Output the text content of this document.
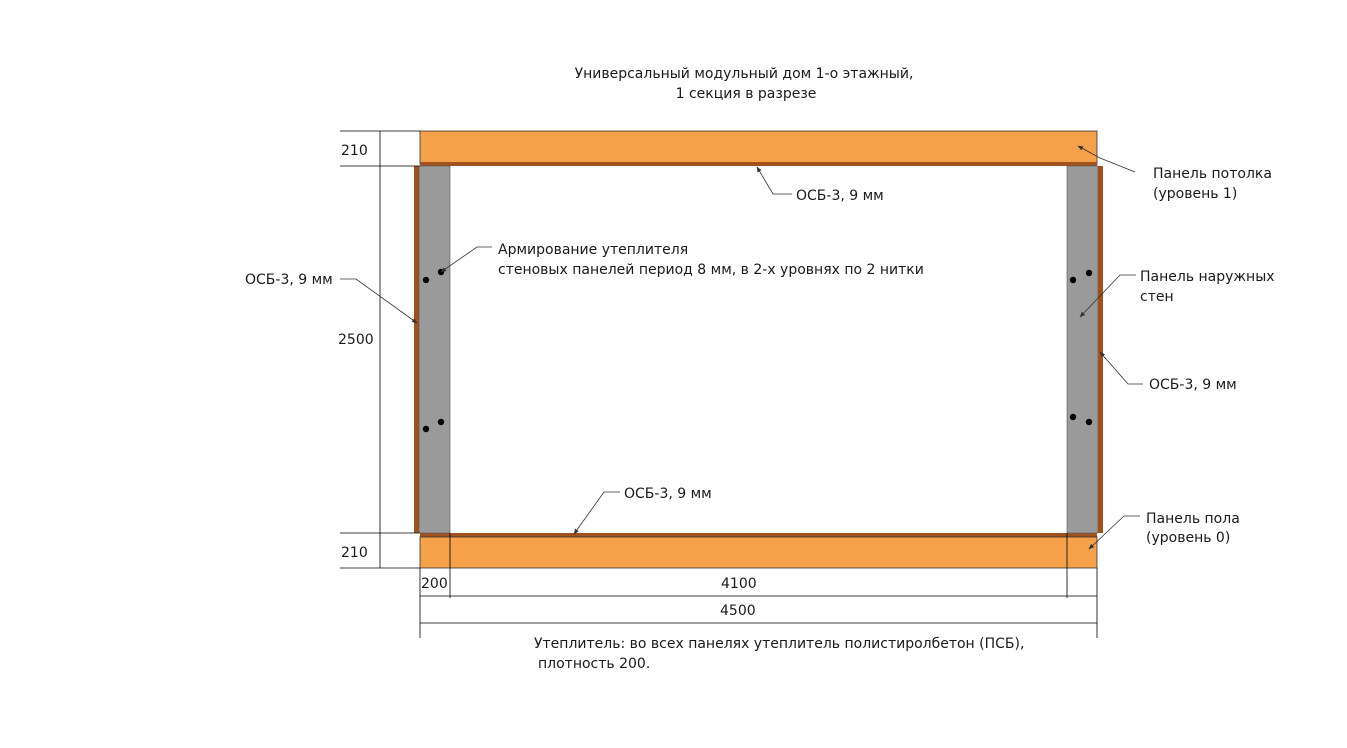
Универсальный модульный дом 1-о этажный,
1 секция в разрезе
210
2500
210
200	4100
4500
Панель потолка
(уровень 1)
ОСБ-3, 9 мм
Армирование утеплителя
стеновых панелей период 8 мм, в 2-х уровнях по 2 нитки
ОСБ-3, 9 мм	Панель наружных
стен
ОСБ-3, 9 мм
ОСБ-3, 9 мм
Панель пола
(уровень 0)
Утеплитель: во всех панелях утеплитель полистиролбетон (ПСБ),
плотность 200.
